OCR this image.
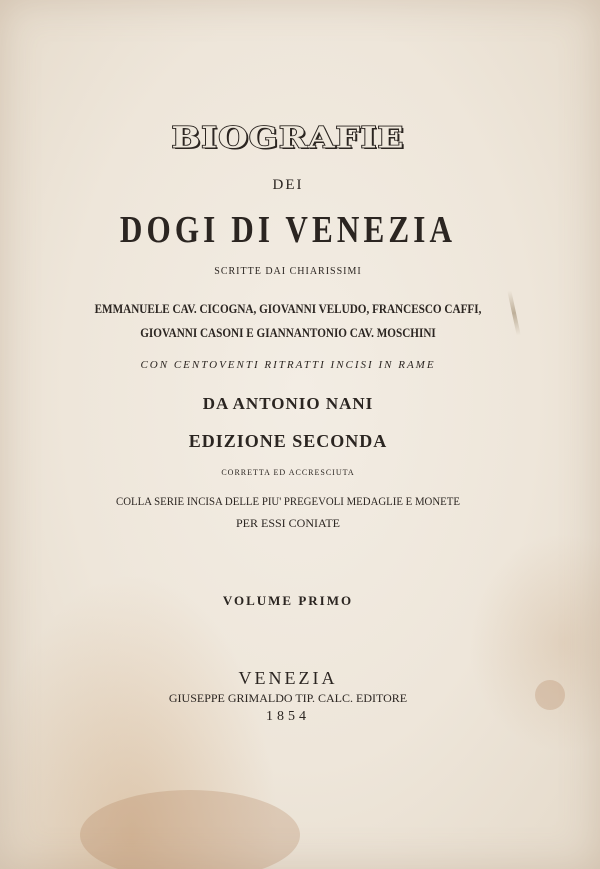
BIOGRAFIE
DEI
DOGI DI VENEZIA
SCRITTE DAI CHIARISSIMI
EMMANUELE CAV. CICOGNA, GIOVANNI VELUDO, FRANCESCO CAFFI,
GIOVANNI CASONI E GIANNANTONIO CAV. MOSCHINI
CON CENTOVENTI RITRATTI INCISI IN RAME
DA ANTONIO NANI
EDIZIONE SECONDA
CORRETTA ED ACCRESCIUTA
COLLA SERIE INCISA DELLE PIU' PREGEVOLI MEDAGLIE E MONETE
PER ESSI CONIATE
VOLUME PRIMO
VENEZIA
GIUSEPPE GRIMALDO TIP. CALC. EDITORE
1854
